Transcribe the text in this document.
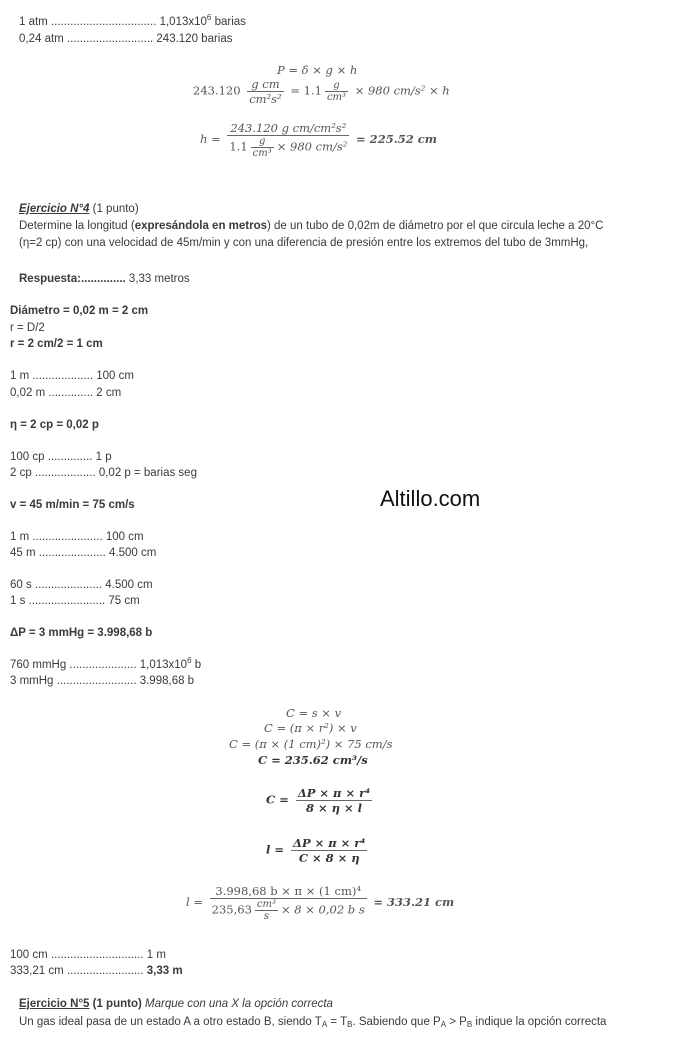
1 atm ................................. $1,013x10^6$ barias
0,24 atm ........................... 243.120 barias
P = δ × g × h
$243.120 \frac{\text{g cm}}{\text{cm²s²}} = 1.1 \frac{g}{\text{cm³}} \times 980$ cm/s² × h
$h = \frac{\text{243.120 g cm/cm²s²}}{1.1 \frac{g}{\text{cm³}} \times 980 cm/s^2} = 225.52$ cm
Ejercicio N°4 (1 punto)
Determine la longitud (expresándola en metros) de un tubo de 0,02m de diámetro por el que circula leche a 20°C
(η=2 cp) con una velocidad de 45m/min y con una diferencia de presión entre los extremos del tubo de 3mmHg,
Respuesta:.............. 3,33 metros
Diámetro = 0,02 m = 2 cm
r = D/2
r = 2 cm/2 = 1 cm
1 m ................... 100 cm
0,02 m .............. 2 cm
η = 2 cp = 0,02 p
100 cp .............. 1 p
2 cp ................... 0,02 p = barias seg
v = 45 m/min = 75 cm/s
1 m ...................... 100 cm
45 m ..................... 4.500 cm
60 s ..................... 4.500 cm
1 s ........................ 75 cm
ΔP = 3 mmHg = 3.998,68 b
760 mmHg ..................... $1,013x10^6$ b
3 mmHg ......................... 3.998,68 b
Altillo.com
C = s × v
C = (π × r²) × v
C = (π × (1 cm)²) × 75 cm/s
C = 235.62 cm³/s
$C = \frac{\text{ΔP × π × r⁴}}{8 \times \eta \times l}$
$l = \frac{\text{ΔP × π × r⁴}}{C \times 8 \times \eta}$
$l = \frac{\text{3.998,68 b × π × (1 cm)⁴}}{235,63 \frac{\text{cm³}}{s} \times 8 \times 0,02 b s} = 333.21$ cm
100 cm ............................. 1 m
333,21 cm ........................ 3,33 m
Ejercicio N°5 (1 punto) Marque con una X la opción correcta
Un gas ideal pasa de un estado A a otro estado B, siendo $T_A = T_B$. Sabiendo que $P_A > P_B$ indique la opción correcta
